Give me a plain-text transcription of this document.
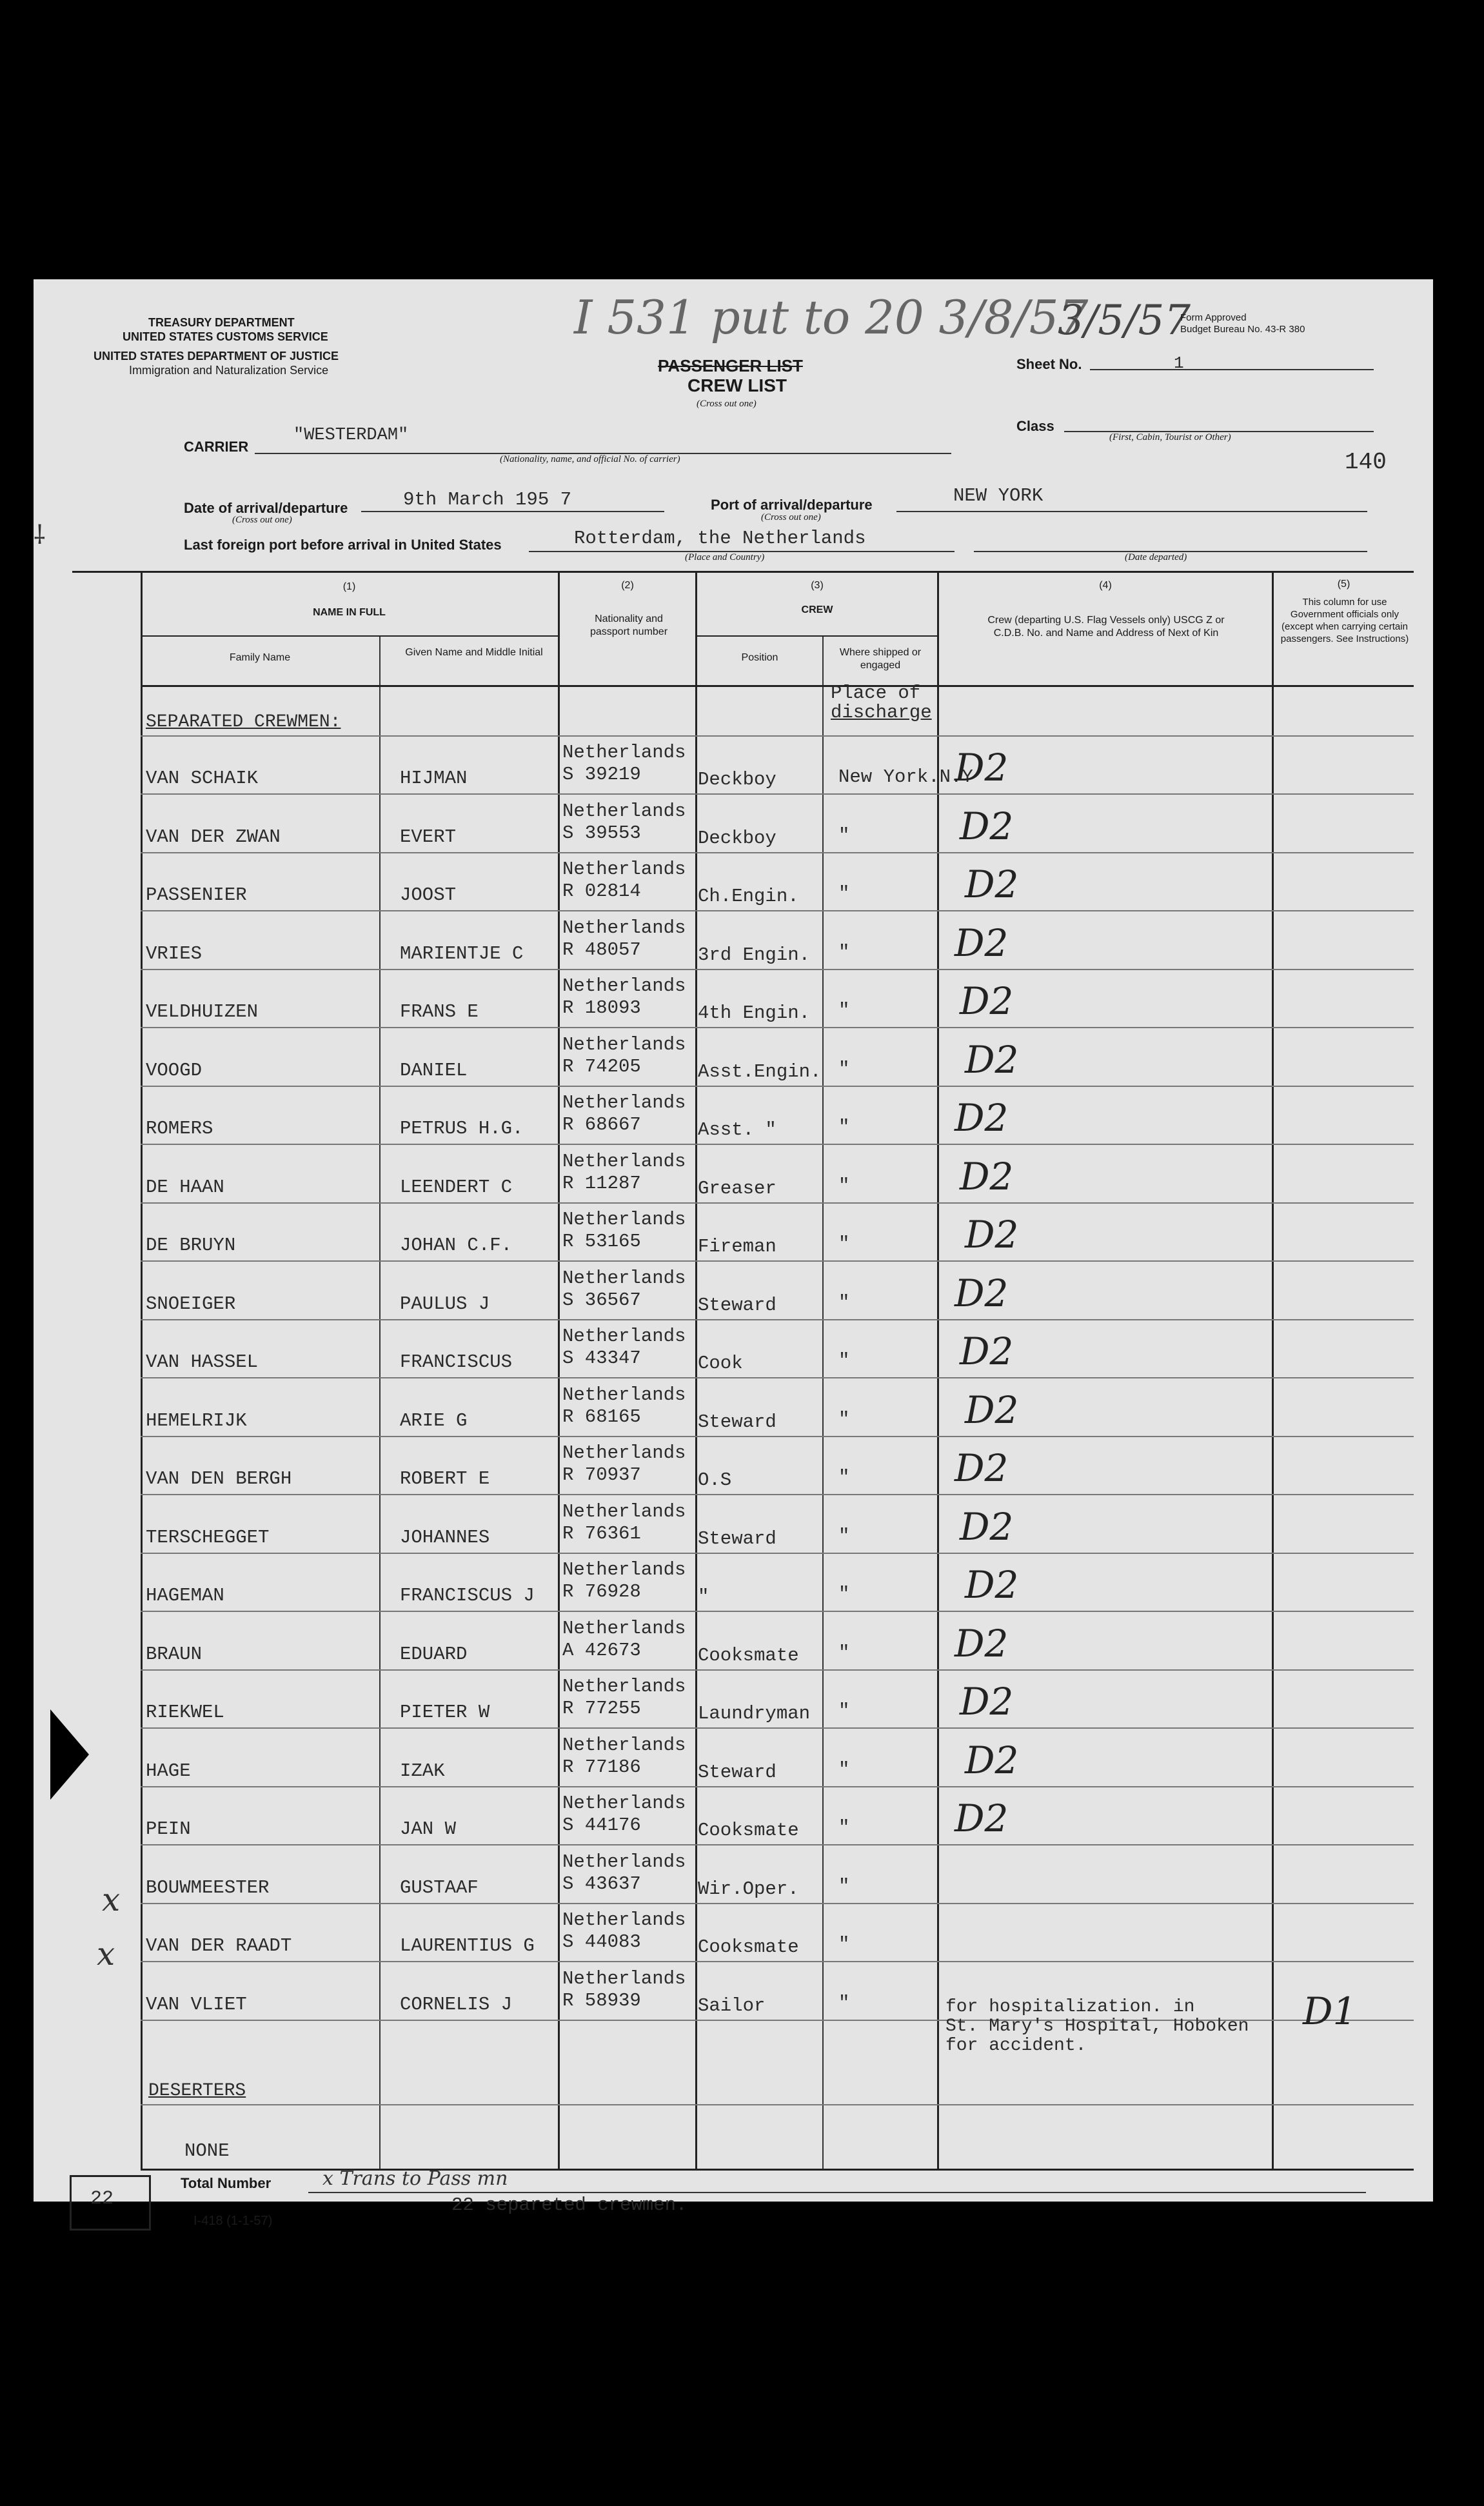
TREASURY DEPARTMENT
UNITED STATES CUSTOMS SERVICE
UNITED STATES DEPARTMENT OF JUSTICE
Immigration and Naturalization Service
I 531 put to 20 3/8/57
3/5/57
Form Approved
Budget Bureau No. 43-R 380
PASSENGER LIST
CREW LIST
(Cross out one)
Sheet No.	1
Class
(First, Cabin, Tourist or Other)
CARRIER
"WESTERDAM"
(Nationality, name, and official No. of carrier)	140
Date of arrival/departure
(Cross out one)
9th March 195 7	Port of arrival/departure
(Cross out one)
NEW YORK
Last foreign port before arrival in United States	Rotterdam, the Netherlands
(Place and Country)	(Date departed)
⸸
(1)
NAME IN FULL
Family Name	Given Name and Middle Initial
(2)
Nationality and passport number
(3)
CREW
Position	Where shipped or engaged
(4)
Crew (departing U.S. Flag Vessels only) USCG Z or C.D.B. No. and Name and Address of Next of Kin
(5)
This column for use Government officials only (except when carrying certain passengers. See Instructions)
SEPARATED CREWMEN:
Place of
discharge
VAN SCHAIK	HIJMAN
Netherlands
S 39219	Deckboy	New York.N.Y
D2
VAN DER ZWAN	EVERT
Netherlands
S 39553	Deckboy	"	D2
PASSENIER	JOOST
Netherlands
R 02814	Ch.Engin. "	D2
VRIES	MARIENTJE C
Netherlands
R 48057	3rd Engin. "	D2
VELDHUIZEN	FRANS E
Netherlands
R 18093	4th Engin. "	D2
VOOGD	DANIEL
Netherlands
R 74205	Asst.Engin. "	D2
ROMERS	PETRUS H.G.
Netherlands
R 68667	Asst. "	"	D2
DE HAAN	LEENDERT C
Netherlands
R 11287	Greaser	"	D2
DE BRUYN	JOHAN C.F.
Netherlands
R 53165	Fireman	"	D2
SNOEIGER	PAULUS J
Netherlands
S 36567	Steward	"	D2
VAN HASSEL	FRANCISCUS
Netherlands
S 43347	Cook	"	D2
HEMELRIJK	ARIE G
Netherlands
R 68165	Steward	"	D2
VAN DEN BERGH	ROBERT E
Netherlands
R 70937	O.S	"	D2
TERSCHEGGET	JOHANNES
Netherlands
R 76361	Steward	"	D2
HAGEMAN	FRANCISCUS J
Netherlands
R 76928	"	"	D2
BRAUN	EDUARD
Netherlands
A 42673	Cooksmate "	D2
RIEKWEL	PIETER W
Netherlands
R 77255	Laundryman "	D2
HAGE	IZAK
Netherlands
R 77186	Steward	"	D2
PEIN	JAN W
Netherlands
S 44176	Cooksmate "	D2
BOUWMEESTER	GUSTAAF
Netherlands
S 43637	Wir.Oper. "
VAN DER RAADT	LAURENTIUS G
Netherlands
S 44083	Cooksmate "
VAN VLIET	CORNELIS J
Netherlands
R 58939	Sailor	"	for hospitalization. in
St. Mary's Hospital, Hoboken
for accident.
D1
x
x
DESERTERS
NONE
22
Total Number	x Trans to Pass mn
22 separeted crewmen.
I-418 (1-1-57)
